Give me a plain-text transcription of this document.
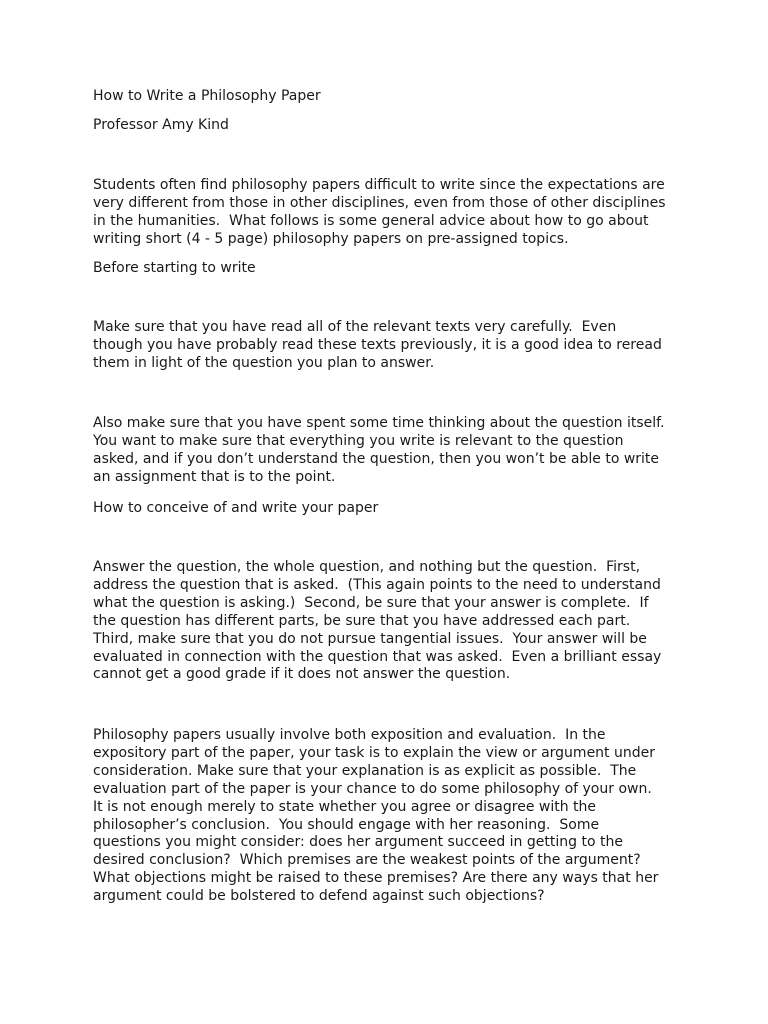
How to Write a Philosophy Paper

Professor Amy Kind

Students often find philosophy papers difficult to write since the expectations are
very different from those in other disciplines, even from those of other disciplines
in the humanities.  What follows is some general advice about how to go about
writing short (4 - 5 page) philosophy papers on pre-assigned topics.

Before starting to write

Make sure that you have read all of the relevant texts very carefully.  Even
though you have probably read these texts previously, it is a good idea to reread
them in light of the question you plan to answer.
Also make sure that you have spent some time thinking about the question itself.
You want to make sure that everything you write is relevant to the question
asked, and if you don’t understand the question, then you won’t be able to write
an assignment that is to the point.

How to conceive of and write your paper

Answer the question, the whole question, and nothing but the question.  First,
address the question that is asked.  (This again points to the need to understand
what the question is asking.)  Second, be sure that your answer is complete.  If
the question has different parts, be sure that you have addressed each part.
Third, make sure that you do not pursue tangential issues.  Your answer will be
evaluated in connection with the question that was asked.  Even a brilliant essay
cannot get a good grade if it does not answer the question.
Philosophy papers usually involve both exposition and evaluation.  In the
expository part of the paper, your task is to explain the view or argument under
consideration. Make sure that your explanation is as explicit as possible.  The
evaluation part of the paper is your chance to do some philosophy of your own.
It is not enough merely to state whether you agree or disagree with the
philosopher’s conclusion.  You should engage with her reasoning.  Some
questions you might consider: does her argument succeed in getting to the
desired conclusion?  Which premises are the weakest points of the argument?
What objections might be raised to these premises? Are there any ways that her
argument could be bolstered to defend against such objections?
